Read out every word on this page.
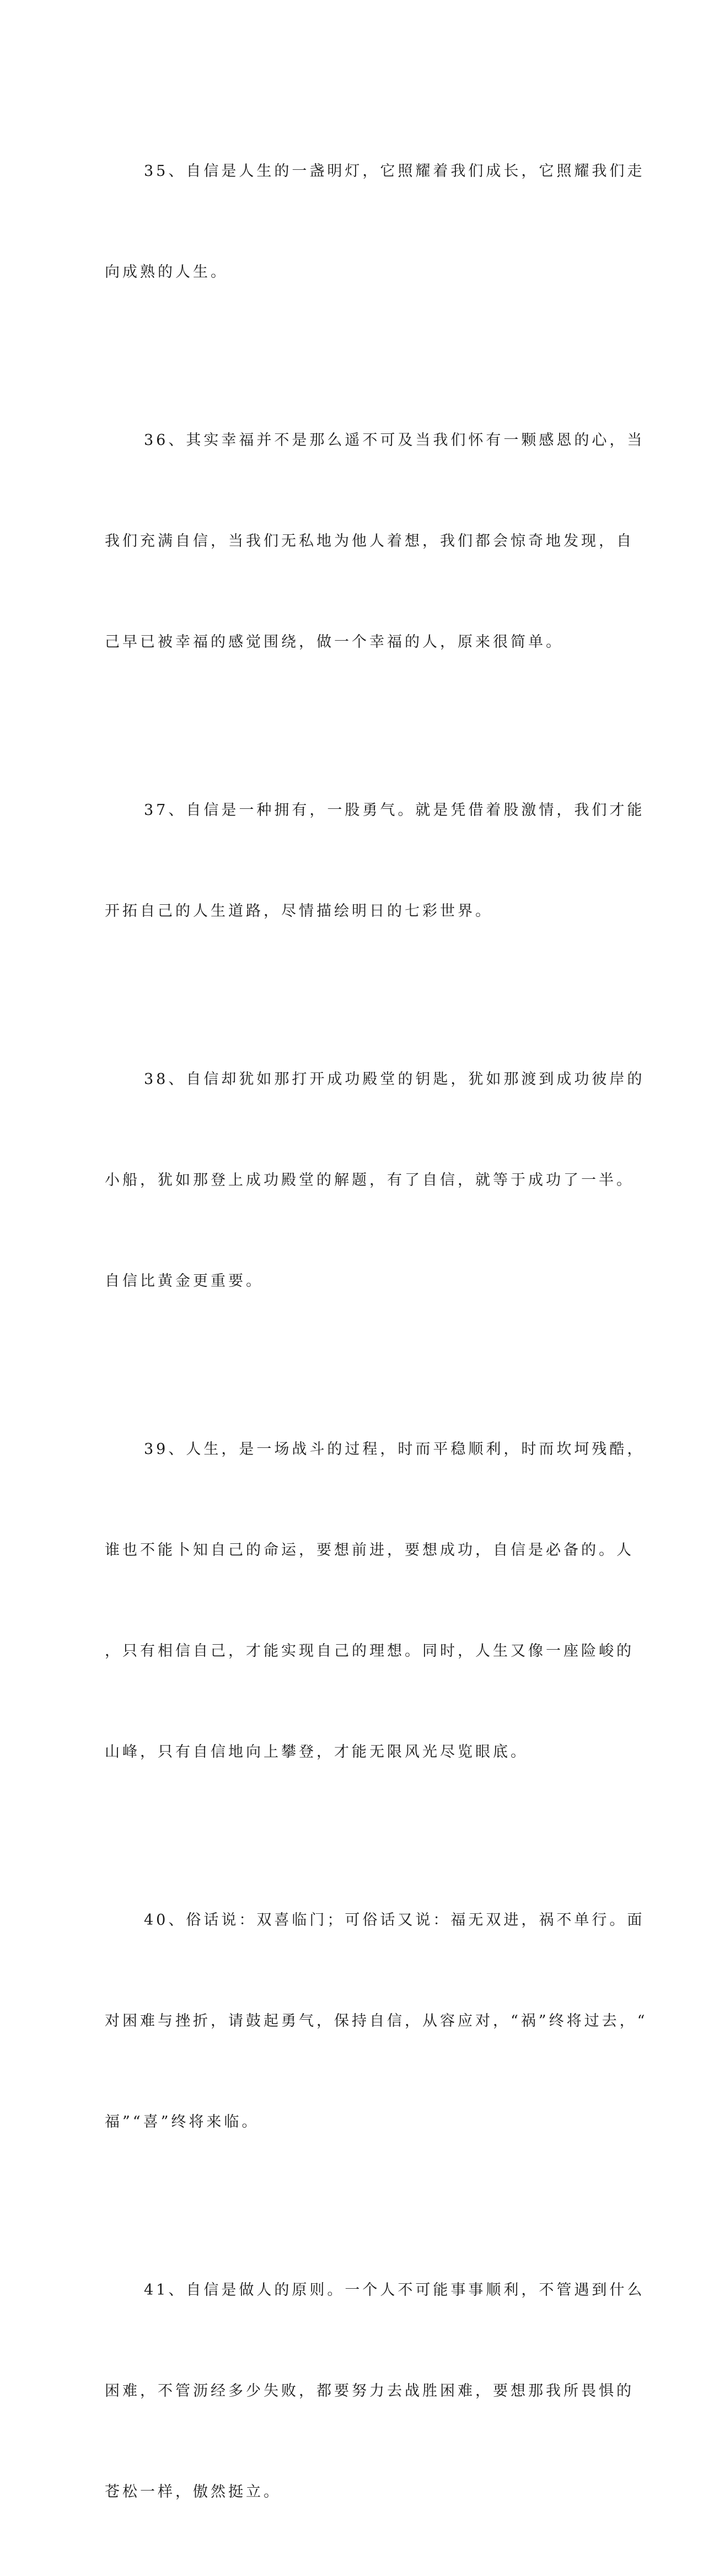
35、自信是人生的一盏明灯，它照耀着我们成长，它照耀我们走

向成熟的人生。

36、其实幸福并不是那么遥不可及当我们怀有一颗感恩的心，当

我们充满自信，当我们无私地为他人着想，我们都会惊奇地发现，自

己早已被幸福的感觉围绕，做一个幸福的人，原来很简单。

37、自信是一种拥有，一股勇气。就是凭借着股激情，我们才能

开拓自己的人生道路，尽情描绘明日的七彩世界。

38、自信却犹如那打开成功殿堂的钥匙，犹如那渡到成功彼岸的

小船，犹如那登上成功殿堂的解题，有了自信，就等于成功了一半。

自信比黄金更重要。

39、人生，是一场战斗的过程，时而平稳顺利，时而坎坷残酷，

谁也不能卜知自己的命运，要想前进，要想成功，自信是必备的。人

，只有相信自己，才能实现自己的理想。同时，人生又像一座险峻的

山峰，只有自信地向上攀登，才能无限风光尽览眼底。

40、俗话说：双喜临门；可俗话又说：福无双进，祸不单行。面

对困难与挫折，请鼓起勇气，保持自信，从容应对，“祸”终将过去，“

福”“喜”终将来临。

41、自信是做人的原则。一个人不可能事事顺利，不管遇到什么

困难，不管沥经多少失败，都要努力去战胜困难，要想那我所畏惧的

苍松一样，傲然挺立。
